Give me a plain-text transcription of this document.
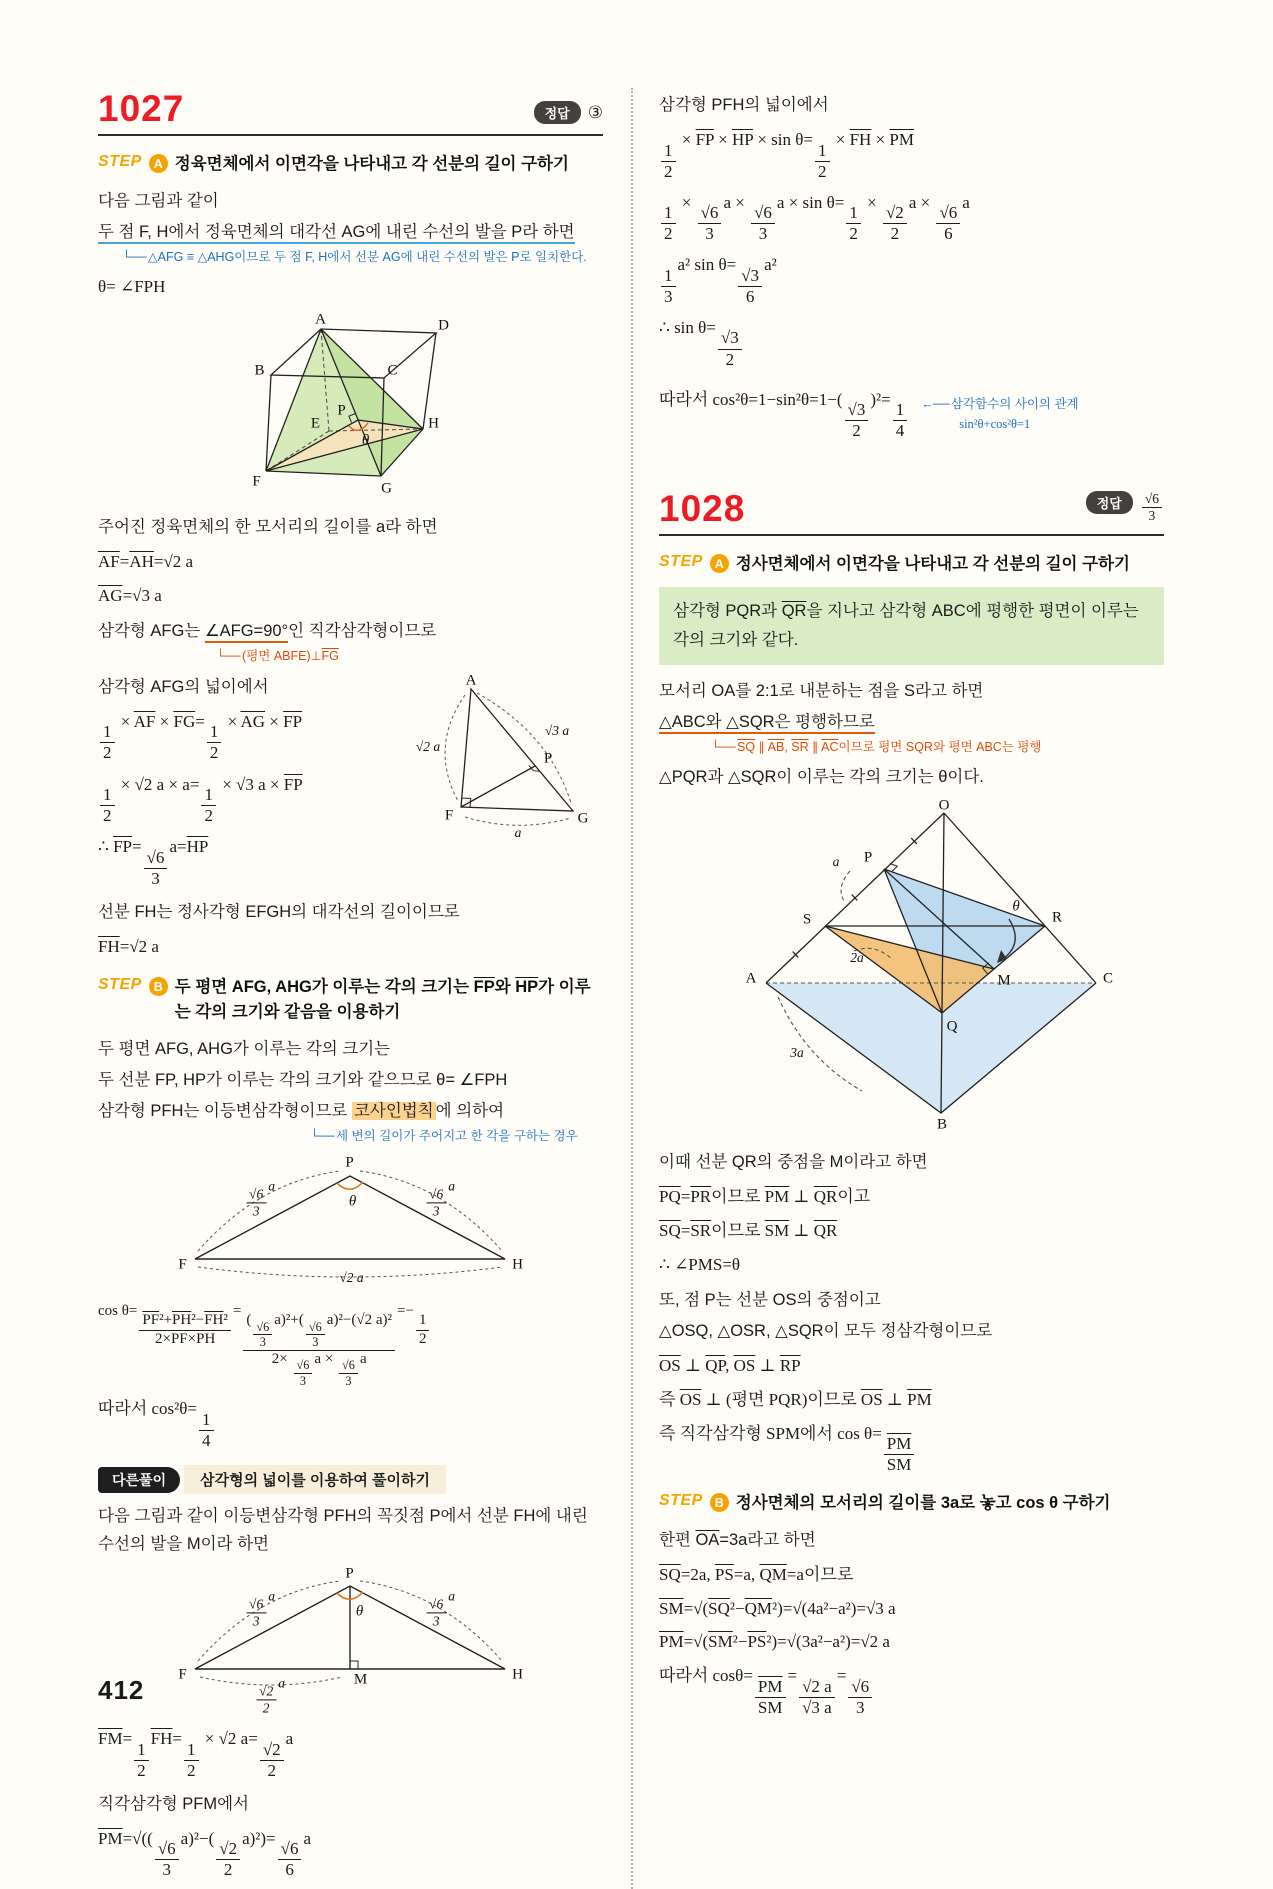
1027	정답	③
STEP A 정육면체에서 이면각을 나타내고 각 선분의 길이 구하기

다음 그림과 같이

두 점 F, H에서 정육면체의 대각선 AG에 내린 수선의 발을 P라 하면

└── △AFG ≡ △AHG이므로 두 점 F, H에서 선분 AG에 내린 수선의 발은 P로 일치한다.

θ= ∠FPH

A
B	C
D
E
F	G
H
P
θ

주어진 정육면체의 한 모서리의 길이를 a라 하면

$\overline{AF}=\overline{AH}=√2$ a

$\overline{AG}=√3$ a

삼각형 AFG는 ∠AFG=90°인 직각삼각형이므로

└── (평면 $ABFE)\perp\overline{FG}$

A
F	G
P
√2 a
√3 a
a

삼각형 AFG의 넓이에서

$\frac{1}{2}$
× $\overline{AF} \times \overline{FG}=$
$\frac{1}{2}$
× $\overline{AG} \times \overline{FP}$

$\frac{1}{2}$
× √2 a × a=
$\frac{1}{2}$
× √3 $a \times \overline{FP}$

∴ $\overline{FP}=$
$\frac{√6}{3}$
$a=\overline{HP}$

선분 FH는 정사각형 EFGH의 대각선의 길이이므로

$\overline{FH}=√2$ a

STEP B 두 평면 AFG, AHG가 이루는 각의 크기는 $\overline{FP}$와 $\overline{HP}$가 이루는 각의 크기와 같음을 이용하기

두 평면 AFG, AHG가 이루는 각의 크기는

두 선분 FP, HP가 이루는 각의 크기와 같으므로 θ= ∠FPH

삼각형 PFH는 이등변삼각형이므로 코사인법칙 에 의하여

└── 세 변의 길이가 주어지고 한 각을 구하는 경우

P
F	H
θ
$\frac{√6}{3}$
a
$\frac{√6}{3}$
a
√2 a

cos θ=
$\frac{\overline{PF}^2+\overline{PH}^2-\overline{FH}^2}{2\times\overline{PF}\times\overline{PH}}$
=
$\frac{( \frac{√6}{3} a)^2+( \frac{√6}{3} a)^2-(√2 a)^2}{2\times \frac{√6}{3} a \times \frac{√6}{3} a}$
=−
$\frac{1}{2}$

따라서 cos²θ=
$\frac{1}{4}$

다른풀이	삼각형의 넓이를 이용하여 풀이하기

다음 그림과 같이 이등변삼각형 PFH의 꼭짓점 P에서 선분 FH에 내린 수선의 발을 M이라 하면

P
F	H
M
θ
$\frac{√6}{3}$
a
$\frac{√6}{3}$
a
$\frac{√2}{2}$
a

$\overline{FM}=$
$\frac{1}{2}$
$\overline{FH}=$
$\frac{1}{2}$
× √2 a=
$\frac{√2}{2}$
a

직각삼각형 PFM에서

$\overline{PM}=√$((
$\frac{√6}{3}$
a)²−(
$\frac{√2}{2}$
a)²)=
$\frac{√6}{6}$
a

삼각형 PFH의 넓이에서

$\frac{1}{2}$
× $\overline{FP} \times \overline{HP} \times \sin \theta=$
$\frac{1}{2}$
× $\overline{FH} \times \overline{PM}$

$\frac{1}{2}$
×
$\frac{√6}{3}$
a ×
$\frac{√6}{3}$
a × sin θ=
$\frac{1}{2}$
×
$\frac{√2}{2}$
a ×
$\frac{√6}{6}$
a

$\frac{1}{3}$
a² sin θ=
$\frac{√3}{6}$
a²

∴ sin θ=
$\frac{√3}{2}$

따라서 cos²θ=1−sin²θ=1−(
$\frac{√3}{2}$
)²=
$\frac{1}{4}$	←── 삼각함수의 사이의 관계
sin²θ+cos²θ=1
1028	정답	$\frac{√6}{3}$
STEP A 정사면체에서 이면각을 나타내고 각 선분의 길이 구하기
삼각형 PQR과 $\overline{QR}$을 지나고 삼각형 ABC에 평행한 평면이 이루는 각의 크기와 같다.

모서리 OA를 2:1로 내분하는 점을 S라고 하면

△ABC와 △SQR은 평행하므로

└── $\overline{SQ}$ ∥ $\overline{AB}$, $\overline{SR}$ ∥ $\overline{AC}$이므로 평면 SQR와 평면 ABC는 평행

△PQR과 △SQR이 이루는 각의 크기는 θ이다.

O
P
S
A
B
C
Q
R
M
θ
a
2a
3a

이때 선분 QR의 중점을 M이라고 하면

$\overline{PQ}=\overline{PR}$이므로 $\overline{PM}$ ⊥ $\overline{QR}$이고

$\overline{SQ}=\overline{SR}$이므로 $\overline{SM}$ ⊥ $\overline{QR}$

∴ ∠PMS=θ

또, 점 P는 선분 OS의 중점이고

△OSQ, △OSR, △SQR이 모두 정삼각형이므로

$\overline{OS}$ ⊥ $\overline{QP}$, $\overline{OS}$ ⊥ $\overline{RP}$

즉 $\overline{OS}$ ⊥ (평면 PQR)이므로 $\overline{OS}$ ⊥ $\overline{PM}$

즉 직각삼각형 SPM에서 cos θ=
$\frac{\overline{PM}}{SM}$

STEP B 정사면체의 모서리의 길이를 3a로 놓고 cos θ 구하기

한편 $\overline{OA}=3a$라고 하면

$\overline{SQ}=2a$, $\overline{PS}=a$, $\overline{QM}=a$이므로

$\overline{SM}=√(\overline{SQ}^2-\overline{QM}^2)=√(4a^2-a^2)=√3$ a

$\overline{PM}=√(\overline{SM}^2-\overline{PS}^2)=√(3a^2-a^2)=√2$ a

따라서 cosθ=
$\frac{\overline{PM}}{SM}$
=
$\frac{√2 a}{√3 a}$
=
$\frac{√6}{3}$

412
